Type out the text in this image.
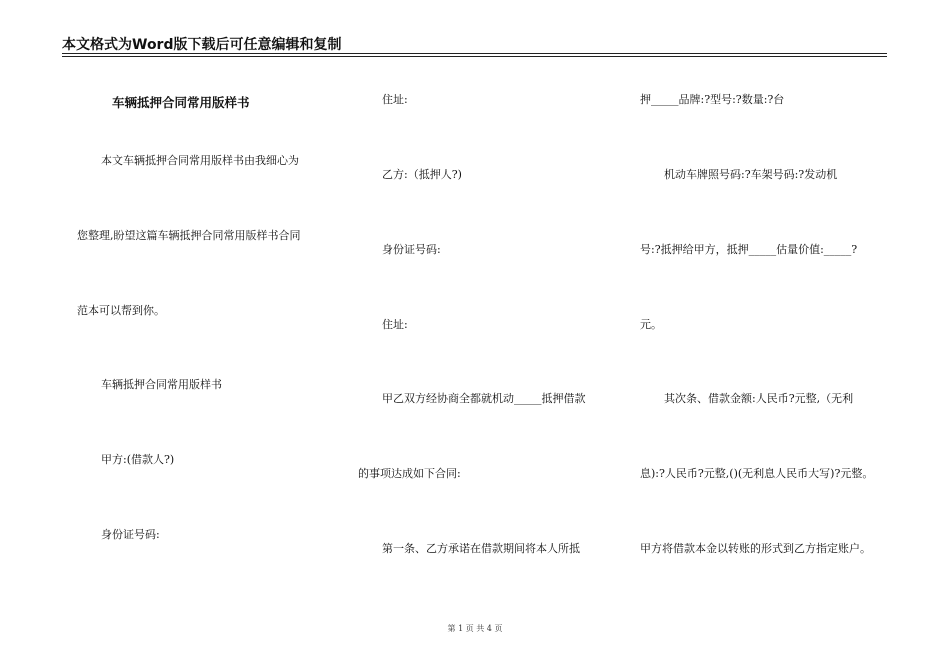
本文格式为Word版下载后可任意编辑和复制
车辆抵押合同常用版样书
本文车辆抵押合同常用版样书由我细心为
您整理,盼望这篇车辆抵押合同常用版样书合同
范本可以帮到你。
车辆抵押合同常用版样书
甲方:(借款人?)
身份证号码:
住址:
乙方:（抵押人?)
身份证号码:
住址:
甲乙双方经协商全都就机动_____抵押借款
的事项达成如下合同:
第一条、乙方承诺在借款期间将本人所抵
押_____品牌:?型号:?数量:?台
机动车牌照号码:?车架号码:?发动机
号:?抵押给甲方，抵押_____估量价值:_____?
元。
其次条、借款金额:人民币?元整,（无利
息):?人民币?元整,()(无利息人民币大写)?元整。
甲方将借款本金以转账的形式到乙方指定账户。
第 1 页 共 4 页
